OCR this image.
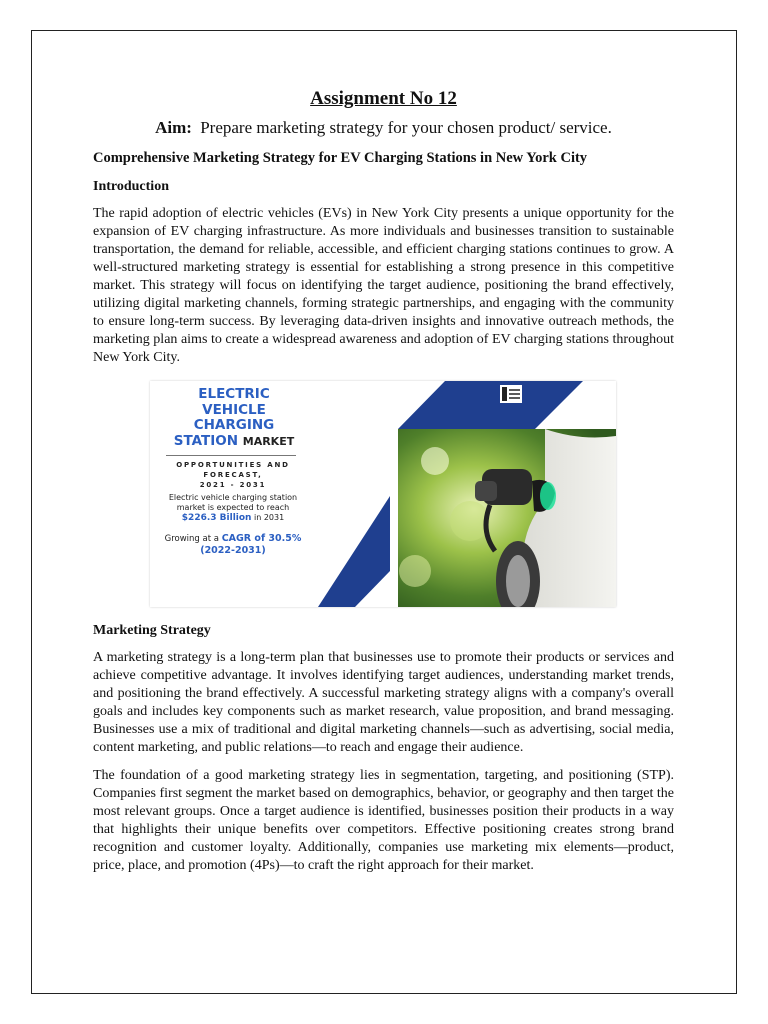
Assignment No 12
Aim: Prepare marketing strategy for your chosen product/ service.
Comprehensive Marketing Strategy for EV Charging Stations in New York City
Introduction

The rapid adoption of electric vehicles (EVs) in New York City presents a unique opportunity for the expansion of EV charging infrastructure. As more individuals and businesses transition to sustainable transportation, the demand for reliable, accessible, and efficient charging stations continues to grow. A well-structured marketing strategy is essential for establishing a strong presence in this competitive market. This strategy will focus on identifying the target audience, positioning the brand effectively, utilizing digital marketing channels, forming strategic partnerships, and engaging with the community to ensure long-term success. By leveraging data-driven insights and innovative outreach methods, the marketing plan aims to create a widespread awareness and adoption of EV charging stations throughout New York City.

ELECTRIC
VEHICLE
CHARGING
STATION MARKET
OPPORTUNITIES AND
FORECAST,
2021 - 2031
Electric vehicle charging station
market is expected to reach
$226.3 Billion in 2031
Growing at a CAGR of 30.5%
(2022-2031)
Marketing Strategy

A marketing strategy is a long-term plan that businesses use to promote their products or services and achieve competitive advantage. It involves identifying target audiences, understanding market trends, and positioning the brand effectively. A successful marketing strategy aligns with a company's overall goals and includes key components such as market research, value proposition, and brand messaging. Businesses use a mix of traditional and digital marketing channels—such as advertising, social media, content marketing, and public relations—to reach and engage their audience.

The foundation of a good marketing strategy lies in segmentation, targeting, and positioning (STP). Companies first segment the market based on demographics, behavior, or geography and then target the most relevant groups. Once a target audience is identified, businesses position their products in a way that highlights their unique benefits over competitors. Effective positioning creates strong brand recognition and customer loyalty. Additionally, companies use marketing mix elements—product, price, place, and promotion (4Ps)—to craft the right approach for their market.
